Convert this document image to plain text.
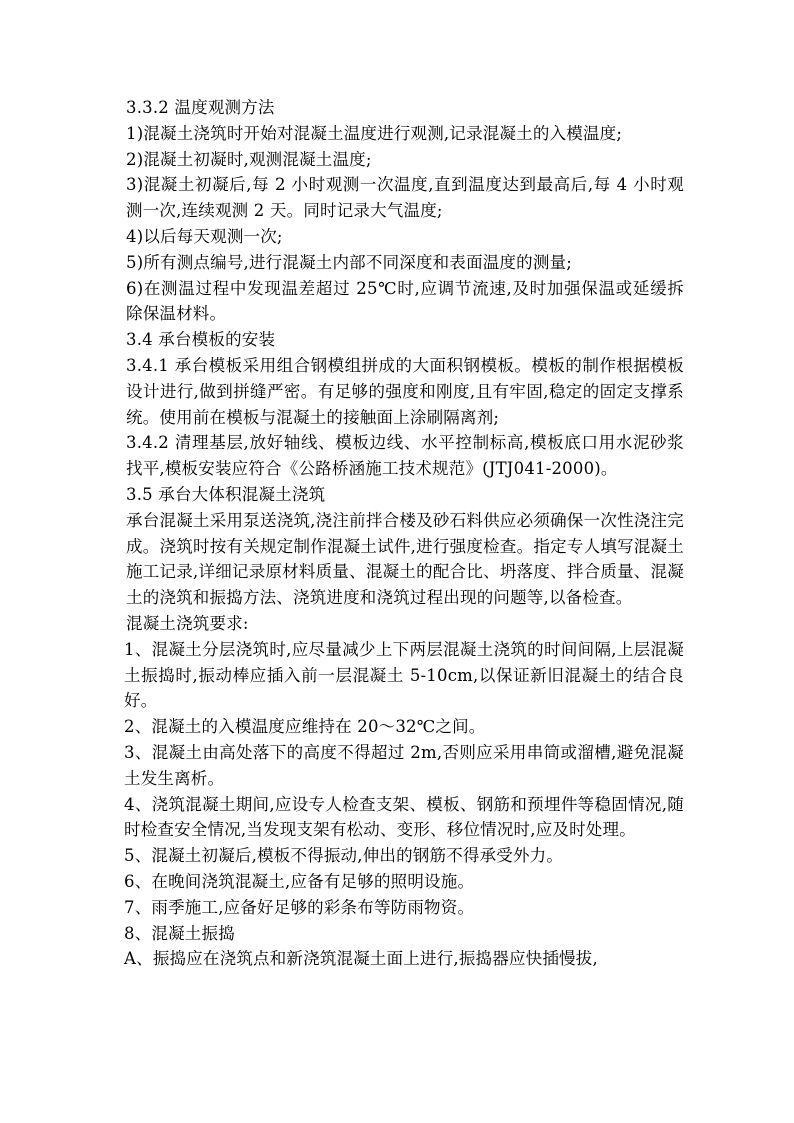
3.3.2 温度观测方法

1)混凝土浇筑时开始对混凝土温度进行观测,记录混凝土的入模温度;

2)混凝土初凝时,观测混凝土温度;

3)混凝土初凝后,每 2 小时观测一次温度,直到温度达到最高后,每 4 小时观测一次,连续观测 2 天。同时记录大气温度;

4)以后每天观测一次;

5)所有测点编号,进行混凝土内部不同深度和表面温度的测量;

6)在测温过程中发现温差超过 25℃时,应调节流速,及时加强保温或延缓拆除保温材料。

3.4 承台模板的安装

3.4.1 承台模板采用组合钢模组拼成的大面积钢模板。模板的制作根据模板设计进行,做到拼缝严密。有足够的强度和刚度,且有牢固,稳定的固定支撑系统。使用前在模板与混凝土的接触面上涂刷隔离剂;

3.4.2 清理基层,放好轴线、模板边线、水平控制标高,模板底口用水泥砂浆找平,模板安装应符合《公路桥涵施工技术规范》(JTJ041-2000)。

3.5 承台大体积混凝土浇筑

承台混凝土采用泵送浇筑,浇注前拌合楼及砂石料供应必须确保一次性浇注完成。浇筑时按有关规定制作混凝土试件,进行强度检查。指定专人填写混凝土施工记录,详细记录原材料质量、混凝土的配合比、坍落度、拌合质量、混凝土的浇筑和振捣方法、浇筑进度和浇筑过程出现的问题等,以备检查。

混凝土浇筑要求:

1、混凝土分层浇筑时,应尽量减少上下两层混凝土浇筑的时间间隔,上层混凝土振捣时,振动棒应插入前一层混凝土 5-10cm,以保证新旧混凝土的结合良好。

2、混凝土的入模温度应维持在 20～32℃之间。

3、混凝土由高处落下的高度不得超过 2m,否则应采用串筒或溜槽,避免混凝土发生离析。

4、浇筑混凝土期间,应设专人检查支架、模板、钢筋和预埋件等稳固情况,随时检查安全情况,当发现支架有松动、变形、移位情况时,应及时处理。

5、混凝土初凝后,模板不得振动,伸出的钢筋不得承受外力。

6、在晚间浇筑混凝土,应备有足够的照明设施。

7、雨季施工,应备好足够的彩条布等防雨物资。

8、混凝土振捣

A、振捣应在浇筑点和新浇筑混凝土面上进行,振捣器应快插慢拔,
